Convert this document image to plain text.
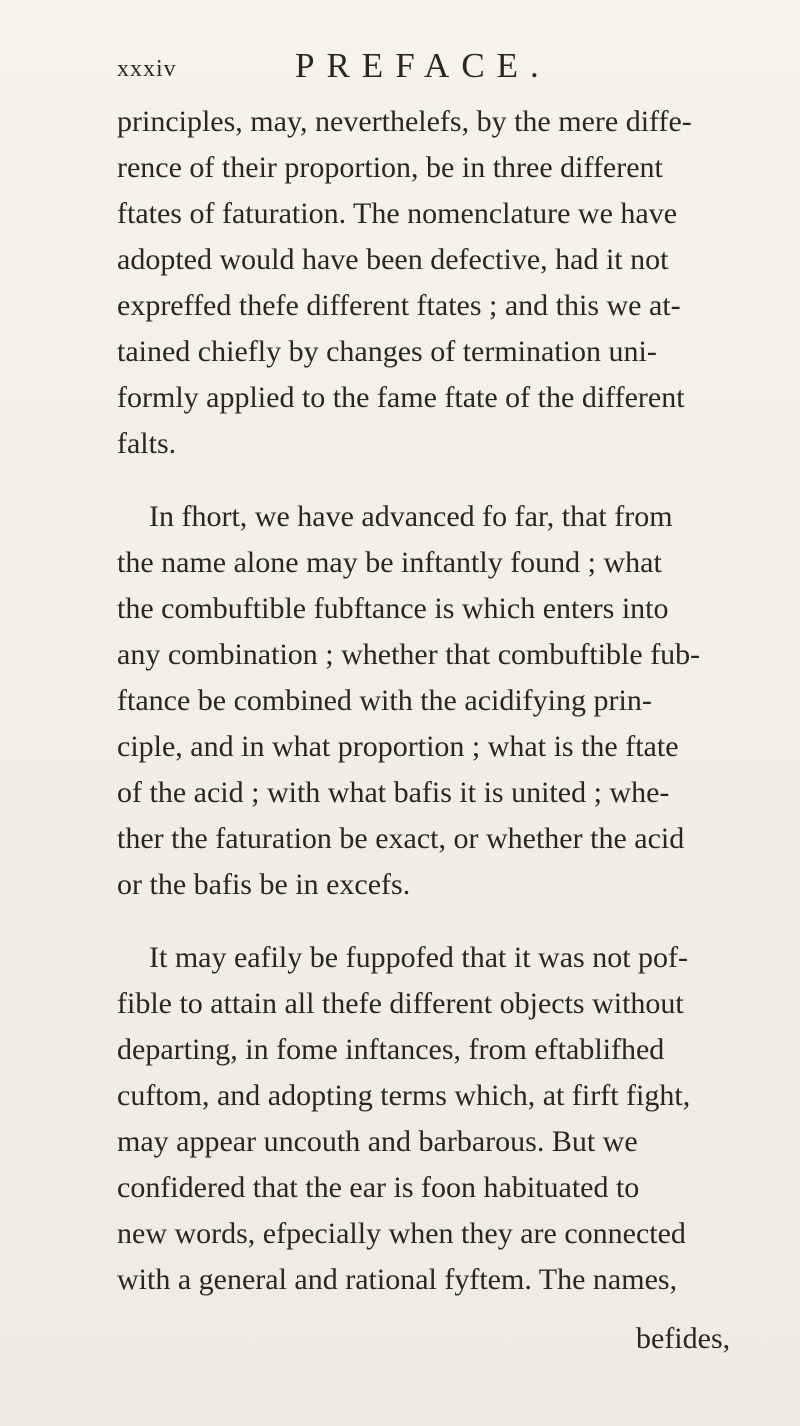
xxxiv	PREFACE.
principles, may, neverthelefs, by the mere diffe-
rence of their proportion, be in three different
ftates of faturation. The nomenclature we have
adopted would have been defective, had it not
expreffed thefe different ftates ; and this we at-
tained chiefly by changes of termination uni-
formly applied to the fame ftate of the different
falts.
In fhort, we have advanced fo far, that from
the name alone may be inftantly found ; what
the combuftible fubftance is which enters into
any combination ; whether that combuftible fub-
ftance be combined with the acidifying prin-
ciple, and in what proportion ; what is the ftate
of the acid ; with what bafis it is united ; whe-
ther the faturation be exact, or whether the acid
or the bafis be in excefs.
It may eafily be fuppofed that it was not pof-
fible to attain all thefe different objects without
departing, in fome inftances, from eftablifhed
cuftom, and adopting terms which, at firft fight,
may appear uncouth and barbarous. But we
confidered that the ear is foon habituated to
new words, efpecially when they are connected
with a general and rational fyftem. The names,
befides,
